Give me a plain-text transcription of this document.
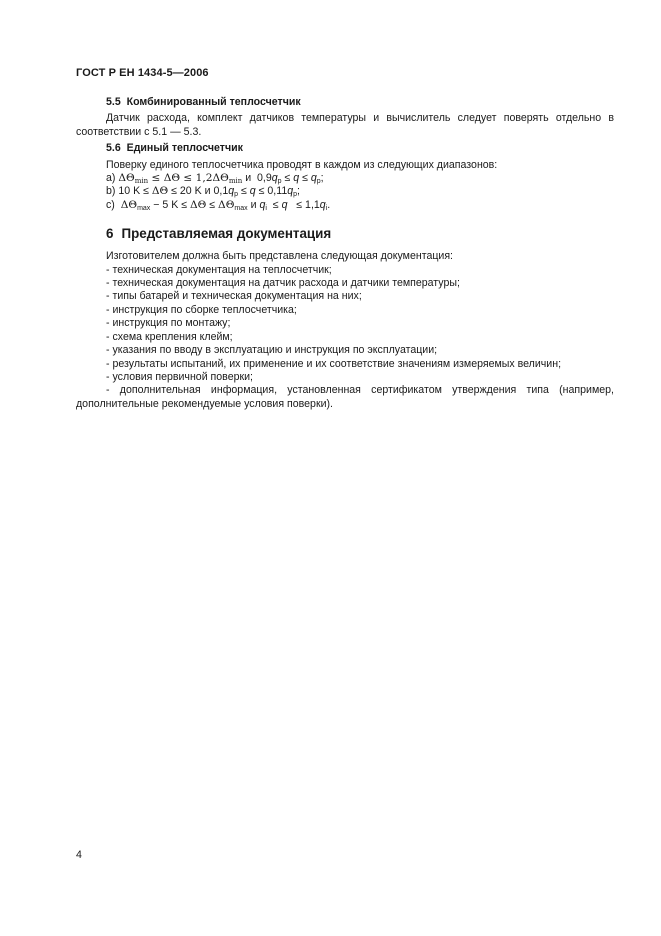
ГОСТ Р ЕН 1434-5—2006

5.5 Комбинированный теплосчетчик

Датчик расхода, комплект датчиков температуры и вычислитель следует поверять отдельно в соответствии с 5.1 — 5.3.

5.6 Единый теплосчетчик

Поверку единого теплосчетчика проводят в каждом из следующих диапазонов:

а) $\Delta\Theta_{min} \le \Delta\Theta \le 1,2\Delta\Theta_{min}$ и  $0,9q_p \le q \le q_p$;

b) 10 K ≤ ΔΘ ≤ 20 K и $0,1q_p \le q \le 0,11q_p$;

c) $\Delta\Theta_{max} - 5$ $K \le \Delta\Theta \le \Delta\Theta_{max}$ и $q_i \le q \le 1,1q_i$.

6 Представляемая документация

Изготовителем должна быть представлена следующая документация:

- техническая документация на теплосчетчик;

- техническая документация на датчик расхода и датчики температуры;

- типы батарей и техническая документация на них;

- инструкция по сборке теплосчетчика;

- инструкция по монтажу;

- схема крепления клейм;

- указания по вводу в эксплуатацию и инструкция по эксплуатации;

- результаты испытаний, их применение и их соответствие значениям измеряемых величин;

- условия первичной поверки;

- дополнительная информация, установленная сертификатом утверждения типа (например, дополнительные рекомендуемые условия поверки).

4
